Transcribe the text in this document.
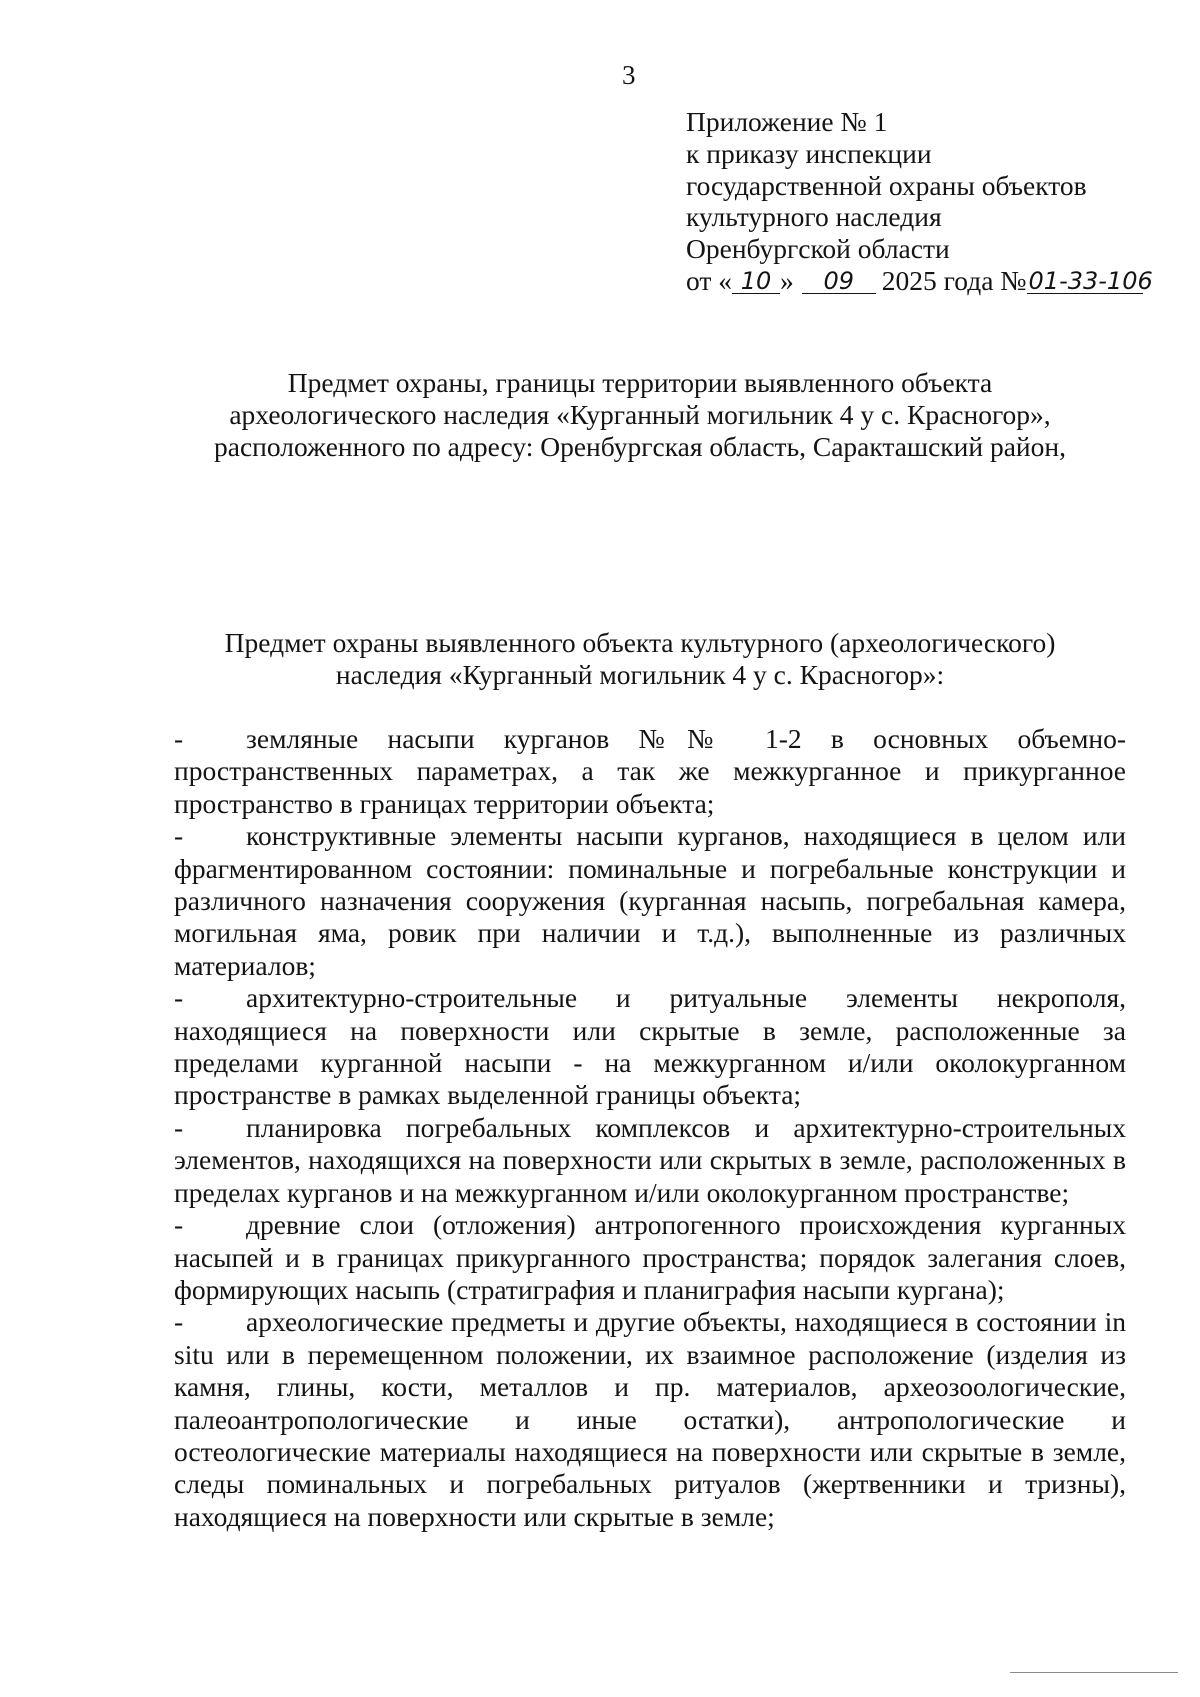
3
Приложение № 1
к приказу инспекции
государственной охраны объектов
культурного наследия
Оренбургской области
от « 10 » 09 2025 года №01-33-106
Предмет охраны, границы территории выявленного объекта
археологического наследия «Курганный могильник 4 у с. Красногор»,
расположенного по адресу: Оренбургская область, Саракташский район,
Предмет охраны выявленного объекта культурного (археологического)
наследия «Курганный могильник 4 у с. Красногор»:
- земляные насыпи курганов №№ 1-2 в основных объемно-пространственных параметрах, а так же межкурганное и прикурганное пространство в границах территории объекта;
- конструктивные элементы насыпи курганов, находящиеся в целом или фрагментированном состоянии: поминальные и погребальные конструкции и различного назначения сооружения (курганная насыпь, погребальная камера, могильная яма, ровик при наличии и т.д.), выполненные из различных материалов;
- архитектурно-строительные и ритуальные элементы некрополя, находящиеся на поверхности или скрытые в земле, расположенные за пределами курганной насыпи - на межкурганном и/или околокурганном пространстве в рамках выделенной границы объекта;
- планировка погребальных комплексов и архитектурно-строительных элементов, находящихся на поверхности или скрытых в земле, расположенных в пределах курганов и на межкурганном и/или околокурганном пространстве;
- древние слои (отложения) антропогенного происхождения курганных насыпей и в границах прикурганного пространства; порядок залегания слоев, формирующих насыпь (стратиграфия и планиграфия насыпи кургана);
- археологические предметы и другие объекты, находящиеся в состоянии in situ или в перемещенном положении, их взаимное расположение (изделия из камня, глины, кости, металлов и пр. материалов, археозоологические, палеоантропологические и иные остатки), антропологические и остеологические материалы находящиеся на поверхности или скрытые в земле, следы поминальных и погребальных ритуалов (жертвенники и тризны), находящиеся на поверхности или скрытые в земле;
